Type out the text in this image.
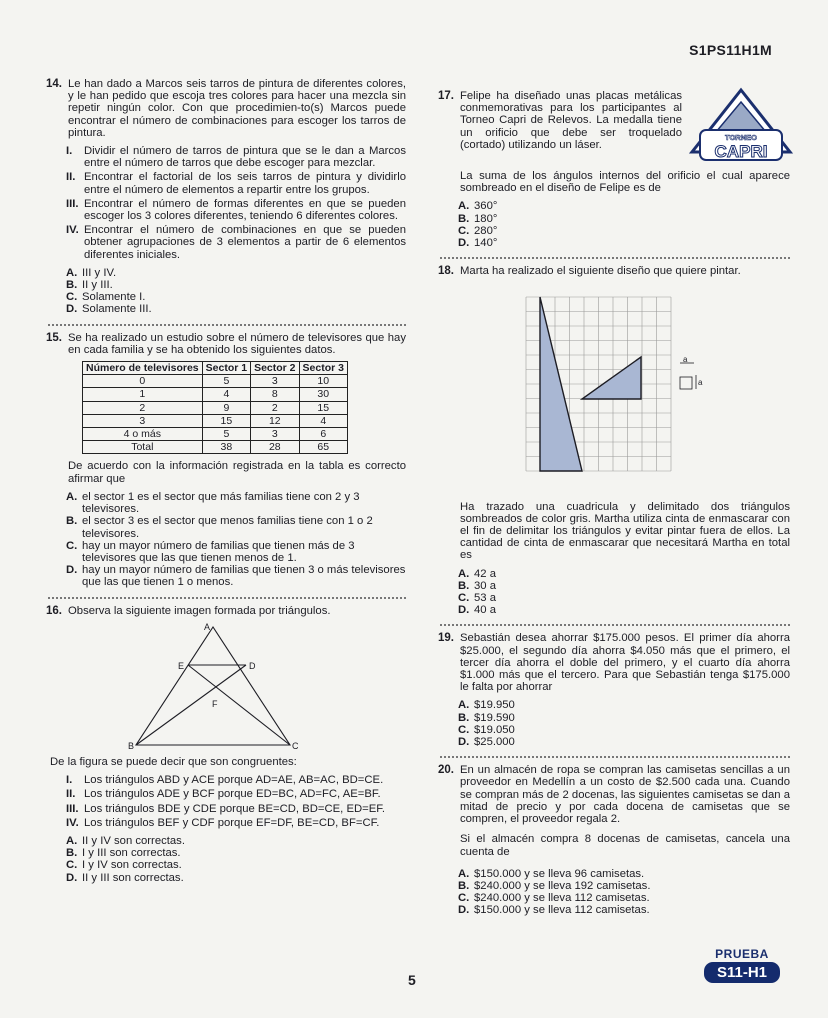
S1PS11H1M
14. Le han dado a Marcos seis tarros de pintura de diferentes colores, y le han pedido que escoja tres colores para hacer una mezcla sin repetir ningún color. Con que procedimien-to(s) Marcos puede encontrar el número de combinaciones para escoger los tarros de pintura.
I.	Dividir el número de tarros de pintura que se le dan a Marcos entre el número de tarros que debe escoger para mezclar.
II. Encontrar el factorial de los seis tarros de pintura y dividirlo entre el número de elementos a repartir entre los grupos.
III. Encontrar el número de formas diferentes en que se pueden escoger los 3 colores diferentes, teniendo 6 diferentes colores.
IV. Encontrar el número de combinaciones en que se pueden obtener agrupaciones de 3 elementos a partir de 6 elementos diferentes iniciales.
A. III y IV.
B. II y III.
C. Solamente I.
D. Solamente III.
15. Se ha realizado un estudio sobre el número de televisores que hay en cada familia y se ha obtenido los siguientes datos.
Número de televisores	Sector 1	Sector 2	Sector 3
0	5	3	10
1	4	8	30
2	9	2	15
3	15	12	4
4 o más	5	3	6
Total	38	28	65
De acuerdo con la información registrada en la tabla es correcto afirmar que
A. el sector 1 es el sector que más familias tiene con 2 y 3 televisores.
B. el sector 3 es el sector que menos familias tiene con 1 o 2 televisores.
C. hay un mayor número de familias que tienen más de 3 televisores que las que tienen menos de 1.
D. hay un mayor número de familias que tienen 3 o más televisores que las que tienen 1 o menos.
16. Observa la siguiente imagen formada por triángulos.
A
B	C
D
E
F
De la figura se puede decir que son congruentes:
I.	Los triángulos ABD y ACE porque AD=AE, AB=AC, BD=CE.
II. Los triángulos ADE y BCF porque ED=BC, AD=FC, AE=BF.
III. Los triángulos BDE y CDE porque BE=CD, BD=CE, ED=EF.
IV. Los triángulos BEF y CDF porque EF=DF, BE=CD, BF=CF.
A. II y IV son correctas.
B. I y III son correctas.
C. I y IV son correctas.
D. II y III son correctas.
TORNEO
CAPRI
17. Felipe ha diseñado unas placas metálicas conmemorativas para los participantes al Torneo Capri de Relevos. La medalla tiene un orificio que debe ser troquelado (cortado) utilizando un láser.
La suma de los ángulos internos del orificio el cual aparece sombreado en el diseño de Felipe es de
A. 360°
B. 180°
C. 280°
D. 140°
18. Marta ha realizado el siguiente diseño que quiere pintar.
a
a
Ha trazado una cuadricula y delimitado dos triángulos sombreados de color gris. Martha utiliza cinta de enmascarar con el fin de delimitar los triángulos y evitar pintar fuera de ellos. La cantidad de cinta de enmascarar que necesitará Martha en total es
A. 42 a
B. 30 a
C. 53 a
D. 40 a
19. Sebastián desea ahorrar $175.000 pesos. El primer día ahorra $25.000, el segundo día ahorra $4.050 más que el primero, el tercer día ahorra el doble del primero, y el cuarto día ahorra $1.000 más que el tercero. Para que Sebastián tenga $175.000 le falta por ahorrar
A. $19.950
B. $19.590
C. $19.050
D. $25.000
20. En un almacén de ropa se compran las camisetas sencillas a un proveedor en Medellín a un costo de $2.500 cada una. Cuando se compran más de 2 docenas, las siguientes camisetas se dan a mitad de precio y por cada docena de camisetas que se compren, el proveedor regala 2.
Si el almacén compra 8 docenas de camisetas, cancela una cuenta de
A. $150.000 y se lleva 96 camisetas.
B. $240.000 y se lleva 192 camisetas.
C. $240.000 y se lleva 112 camisetas.
D. $150.000 y se lleva 112 camisetas.
5
PRUEBA
S11-H1
